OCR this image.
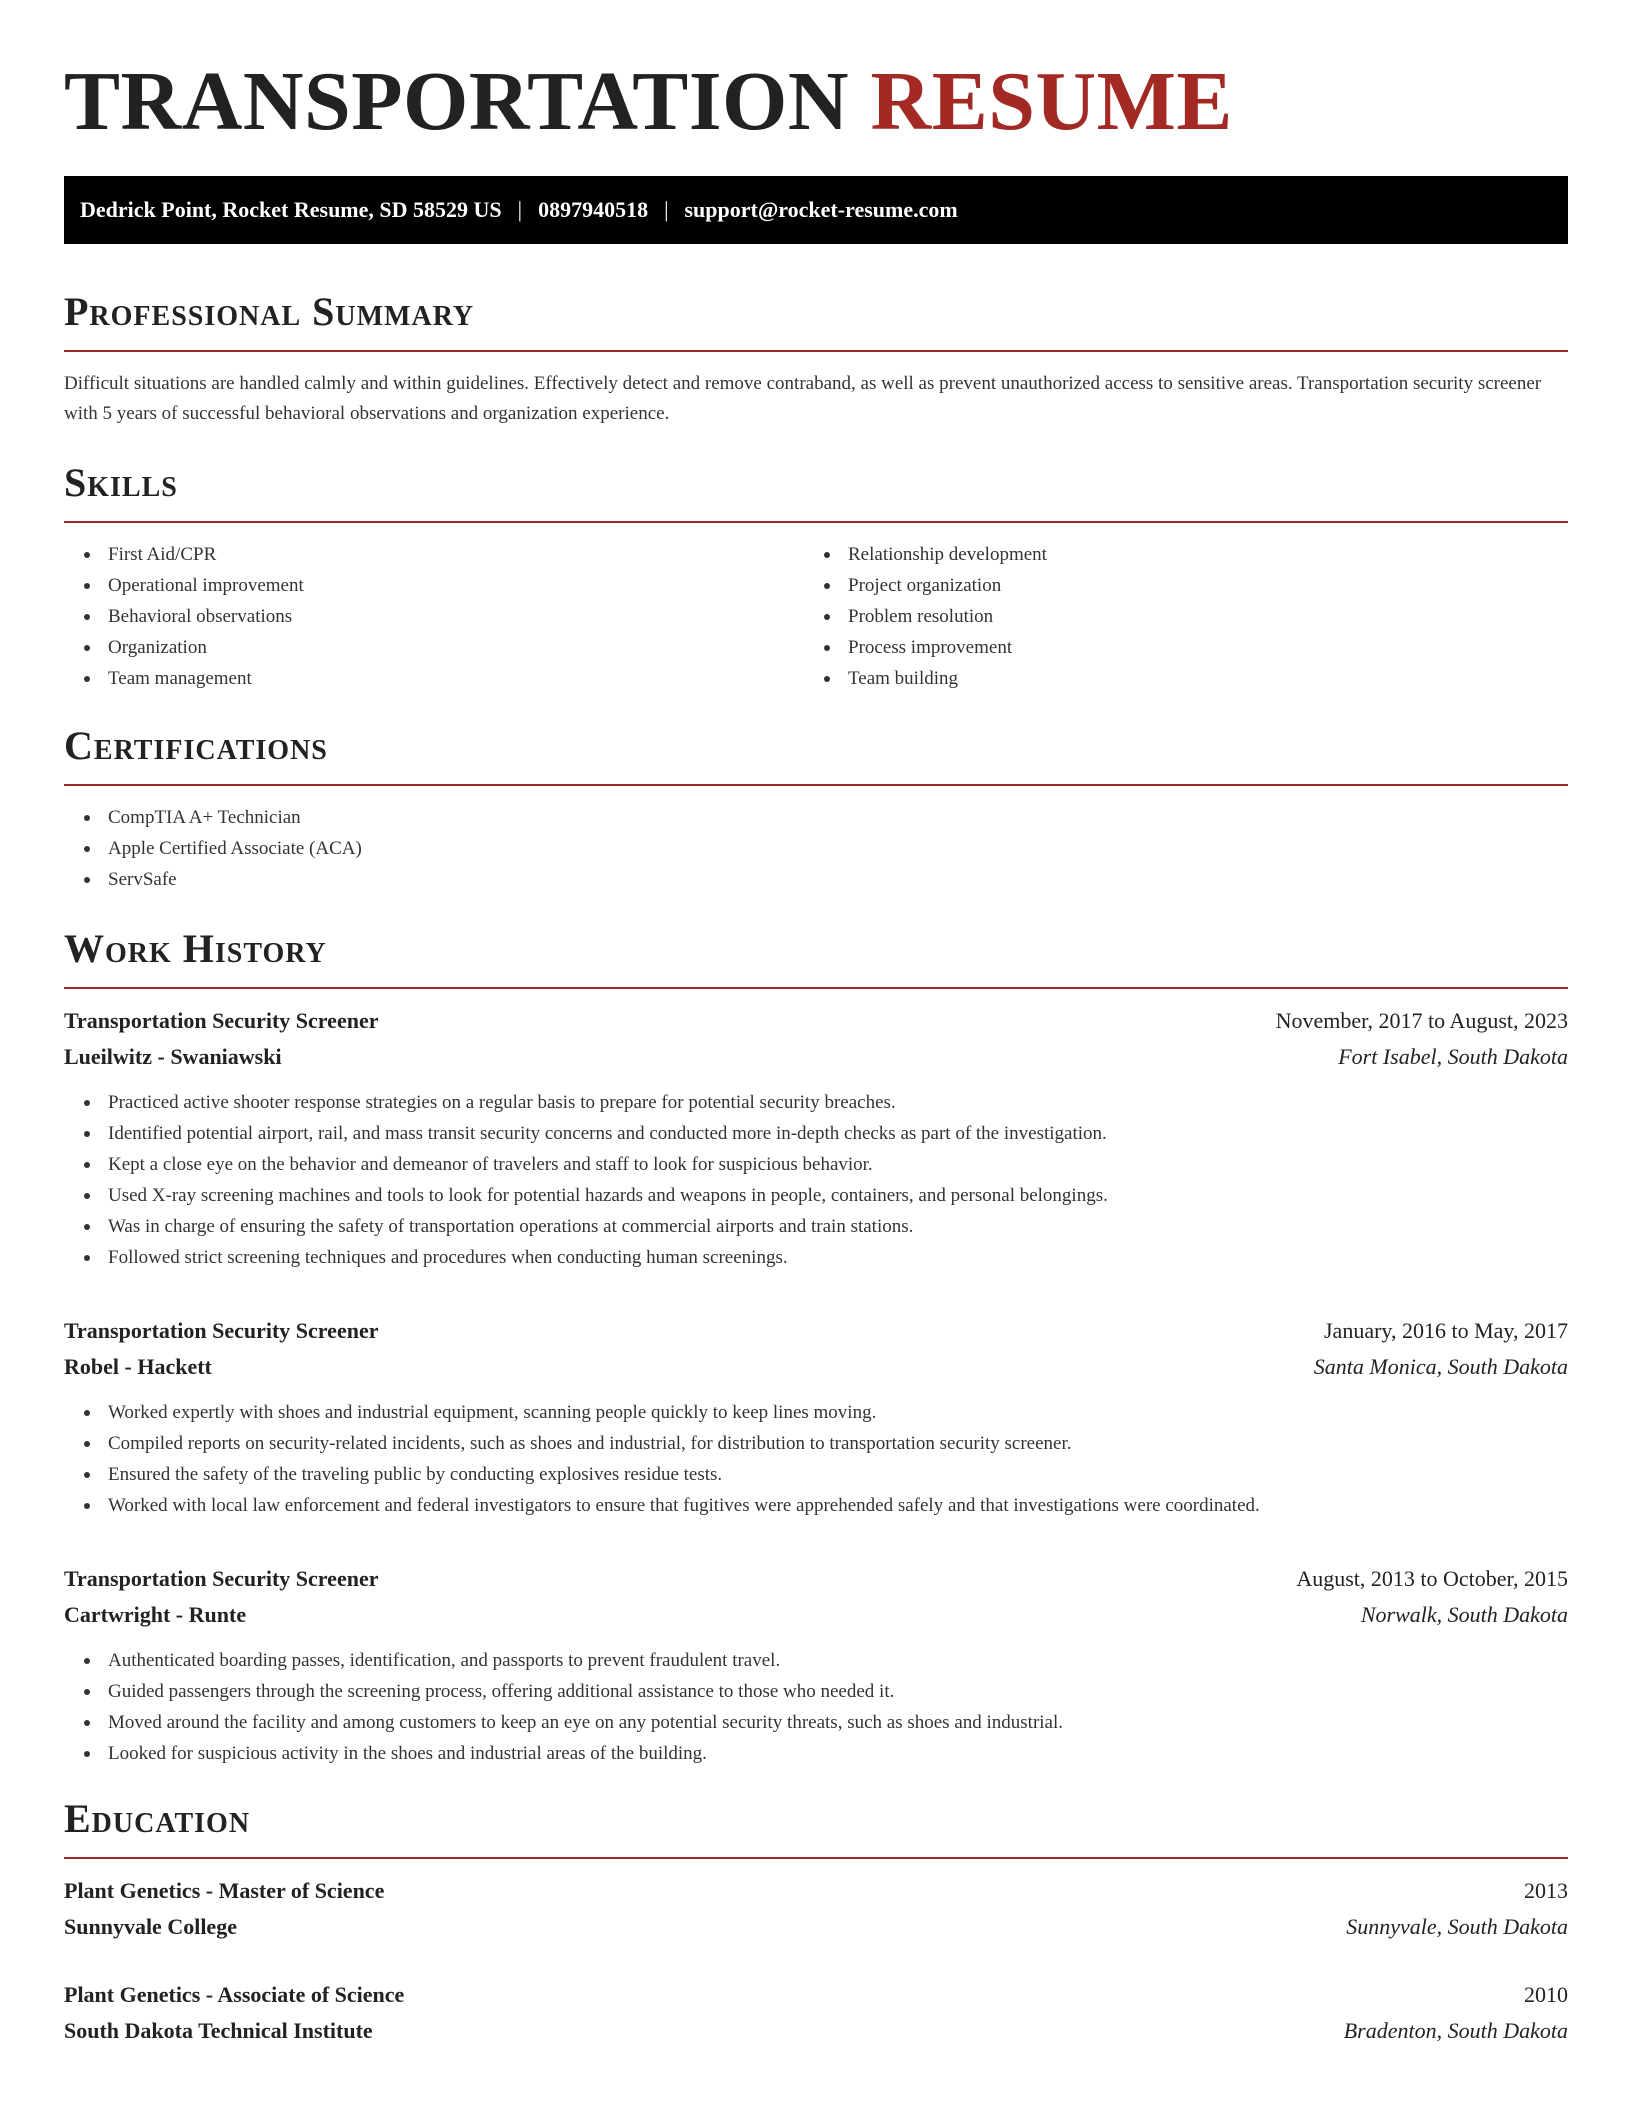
TRANSPORTATION RESUME
Dedrick Point, Rocket Resume, SD 58529 US | 0897940518 | support@rocket-resume.com
Professional Summary

Difficult situations are handled calmly and within guidelines. Effectively detect and remove contraband, as well as prevent unauthorized access to sensitive areas. Transportation security screener with 5 years of successful behavioral observations and organization experience.

Skills
First Aid/CPR
Operational improvement
Behavioral observations
Organization
Team management
Relationship development
Project organization
Problem resolution
Process improvement
Team building
Certifications
CompTIA A+ Technician
Apple Certified Associate (ACA)
ServSafe
Work History
Transportation Security Screener	November, 2017 to August, 2023
Lueilwitz - Swaniawski	Fort Isabel, South Dakota
Practiced active shooter response strategies on a regular basis to prepare for potential security breaches.
Identified potential airport, rail, and mass transit security concerns and conducted more in-depth checks as part of the investigation.
Kept a close eye on the behavior and demeanor of travelers and staff to look for suspicious behavior.
Used X-ray screening machines and tools to look for potential hazards and weapons in people, containers, and personal belongings.
Was in charge of ensuring the safety of transportation operations at commercial airports and train stations.
Followed strict screening techniques and procedures when conducting human screenings.
Transportation Security Screener	January, 2016 to May, 2017
Robel - Hackett	Santa Monica, South Dakota
Worked expertly with shoes and industrial equipment, scanning people quickly to keep lines moving.
Compiled reports on security-related incidents, such as shoes and industrial, for distribution to transportation security screener.
Ensured the safety of the traveling public by conducting explosives residue tests.
Worked with local law enforcement and federal investigators to ensure that fugitives were apprehended safely and that investigations were coordinated.
Transportation Security Screener	August, 2013 to October, 2015
Cartwright - Runte	Norwalk, South Dakota
Authenticated boarding passes, identification, and passports to prevent fraudulent travel.
Guided passengers through the screening process, offering additional assistance to those who needed it.
Moved around the facility and among customers to keep an eye on any potential security threats, such as shoes and industrial.
Looked for suspicious activity in the shoes and industrial areas of the building.
Education
Plant Genetics - Master of Science	2013
Sunnyvale College	Sunnyvale, South Dakota
Plant Genetics - Associate of Science	2010
South Dakota Technical Institute	Bradenton, South Dakota
